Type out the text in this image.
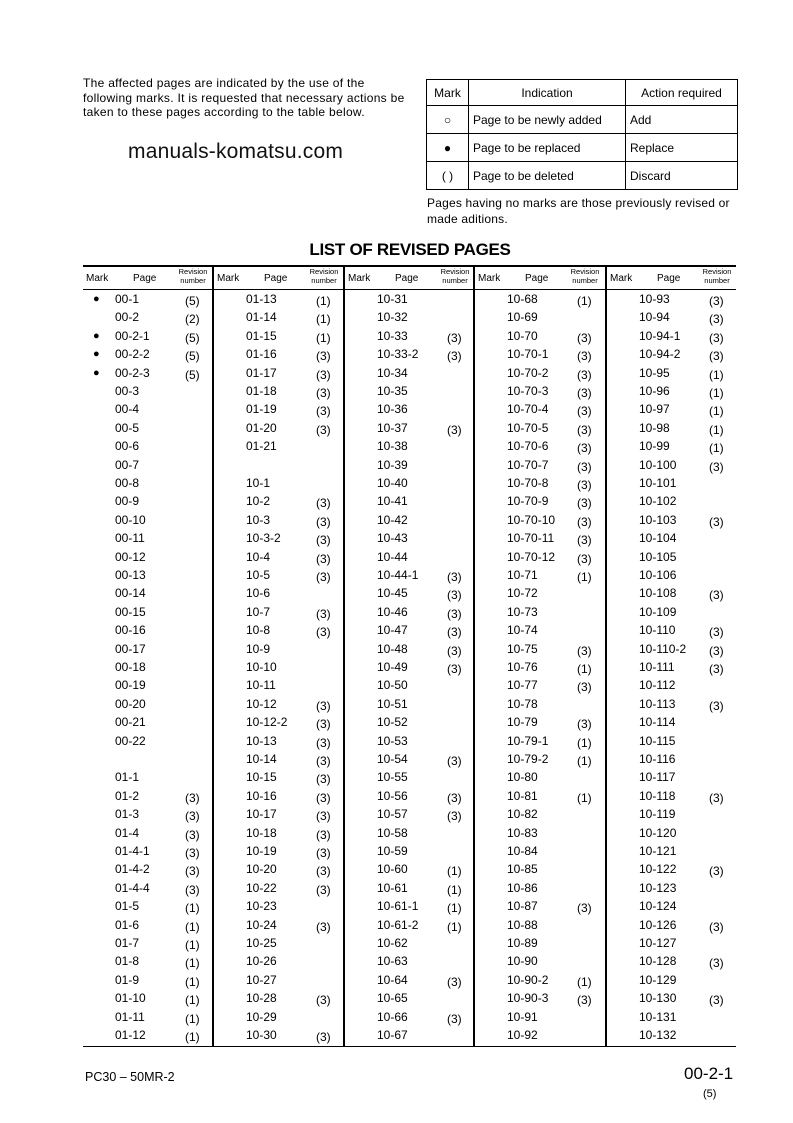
The affected pages are indicated by the use of the following marks. It is requested that necessary actions be taken to these pages according to the table below.
manuals-komatsu.com
Mark	Indication	Action required
○	Page to be newly added	Add
●	Page to be replaced	Replace
( )	Page to be deleted	Discard
Pages having no marks are those previously revised or made aditions.
LIST OF REVISED PAGES
Mark Page
Revision number
● 00-1	(5)
00-2	(2)
● 00-2-1	(5)
● 00-2-2	(5)
● 00-2-3	(5)
00-3
00-4
00-5
00-6
00-7
00-8
00-9
00-10
00-11
00-12
00-13
00-14
00-15
00-16
00-17
00-18
00-19
00-20
00-21
00-22
01-1
01-2	(3)
01-3	(3)
01-4	(3)
01-4-1	(3)
01-4-2	(3)
01-4-4	(3)
01-5	(1)
01-6	(1)
01-7	(1)
01-8	(1)
01-9	(1)
01-10	(1)
01-11	(1)
01-12	(1)
Mark Page
Revision number
01-13	(1)
01-14	(1)
01-15	(1)
01-16	(3)
01-17	(3)
01-18	(3)
01-19	(3)
01-20	(3)
01-21
10-1
10-2	(3)
10-3	(3)
10-3-2	(3)
10-4	(3)
10-5	(3)
10-6
10-7	(3)
10-8	(3)
10-9
10-10
10-11
10-12	(3)
10-12-2 (3)
10-13	(3)
10-14	(3)
10-15	(3)
10-16	(3)
10-17	(3)
10-18	(3)
10-19	(3)
10-20	(3)
10-22	(3)
10-23
10-24	(3)
10-25
10-26
10-27
10-28	(3)
10-29
10-30	(3)
Mark Page
Revision number
10-31
10-32
10-33	(3)
10-33-2 (3)
10-34
10-35
10-36
10-37	(3)
10-38
10-39
10-40
10-41
10-42
10-43
10-44
10-44-1 (3)
10-45	(3)
10-46	(3)
10-47	(3)
10-48	(3)
10-49	(3)
10-50
10-51
10-52
10-53
10-54	(3)
10-55
10-56	(3)
10-57	(3)
10-58
10-59
10-60	(1)
10-61	(1)
10-61-1 (1)
10-61-2 (1)
10-62
10-63
10-64	(3)
10-65
10-66	(3)
10-67
Mark Page
Revision number
10-68	(1)
10-69
10-70	(3)
10-70-1 (3)
10-70-2 (3)
10-70-3 (3)
10-70-4 (3)
10-70-5 (3)
10-70-6 (3)
10-70-7 (3)
10-70-8 (3)
10-70-9 (3)
10-70-10 (3)
10-70-11 (3)
10-70-12 (3)
10-71	(1)
10-72
10-73
10-74
10-75	(3)
10-76	(1)
10-77	(3)
10-78
10-79	(3)
10-79-1 (1)
10-79-2 (1)
10-80
10-81	(1)
10-82
10-83
10-84
10-85
10-86
10-87	(3)
10-88
10-89
10-90
10-90-2 (1)
10-90-3 (3)
10-91
10-92
Mark Page
Revision number
10-93	(3)
10-94	(3)
10-94-1 (3)
10-94-2 (3)
10-95	(1)
10-96	(1)
10-97	(1)
10-98	(1)
10-99	(1)
10-100	(3)
10-101
10-102
10-103	(3)
10-104
10-105
10-106
10-108	(3)
10-109
10-110	(3)
10-110-2 (3)
10-111	(3)
10-112
10-113	(3)
10-114
10-115
10-116
10-117
10-118	(3)
10-119
10-120
10-121
10-122	(3)
10-123
10-124
10-126	(3)
10-127
10-128	(3)
10-129
10-130	(3)
10-131
10-132
PC30 – 50MR-2	00-2-1
(5)
